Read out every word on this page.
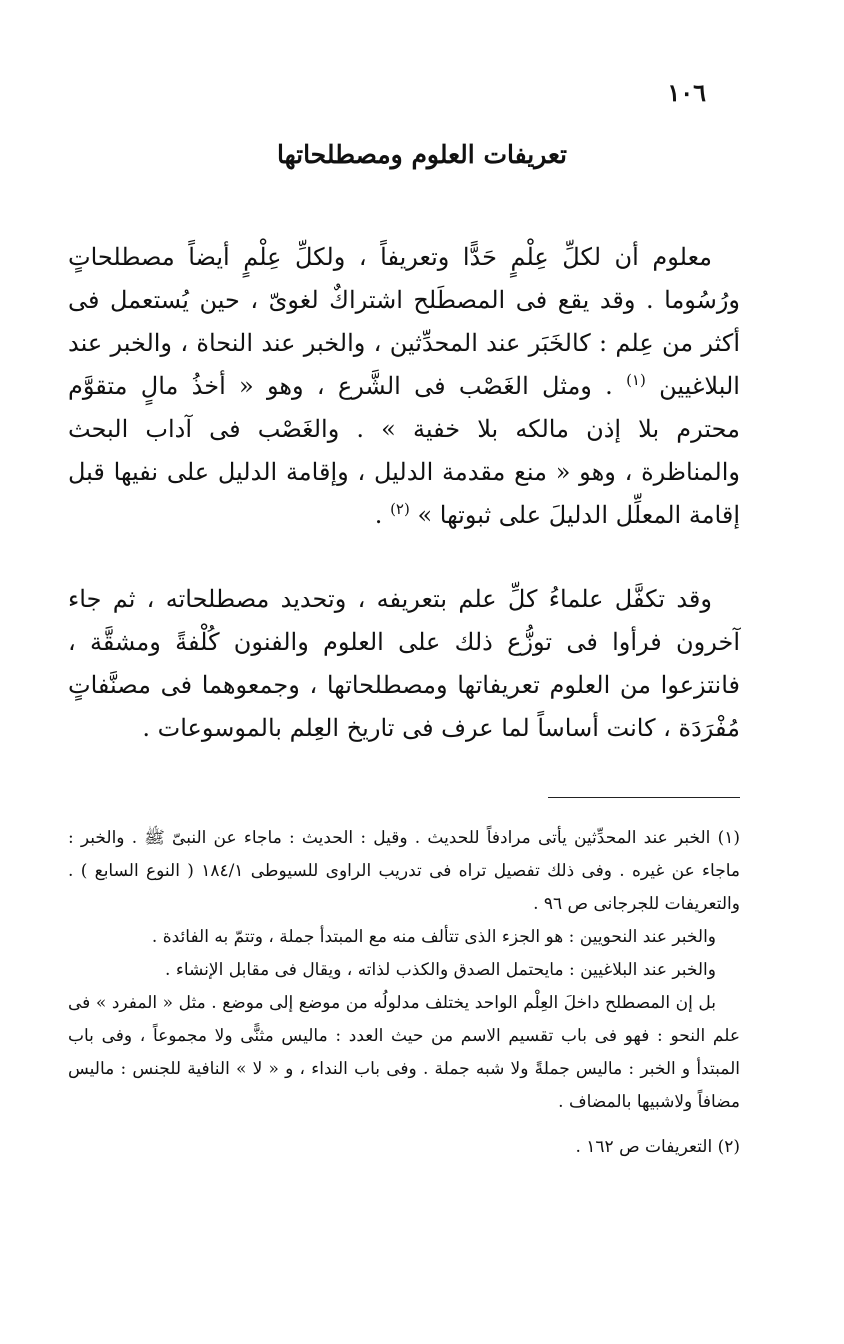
١٠٦
تعريفات العلوم ومصطلحاتها

معلوم أن لكلِّ عِلْمٍ حَدًّا وتعريفاً ، ولكلِّ عِلْمٍ أيضاً مصطلحاتٍ ورُسُوما . وقد يقع فى المصطَلح اشتراكٌ لغوىّ ، حين يُستعمل فى أكثر من عِلم : كالخَبَر عند المحدِّثين ، والخبر عند النحاة ، والخبر عند البلاغيين $^{(١)}$ . ومثل الغَصْب فى الشَّرع ، وهو « أخذُ مالٍ متقوَّم محترم بلا إذن مالكه بلا خفية » . والغَصْب فى آداب البحث والمناظرة ، وهو « منع مقدمة الدليل ، وإقامة الدليل على نفيها قبل إقامة المعلِّل الدليلَ على ثبوتها » $^{(٢)}$ .

وقد تكفَّل علماءُ كلِّ علم بتعريفه ، وتحديد مصطلحاته ، ثم جاء آخرون فرأوا فى توزُّع ذلك على العلوم والفنون كُلْفةً ومشقَّة ، فانتزعوا من العلوم تعريفاتها ومصطلحاتها ، وجمعوهما فى مصنَّفاتٍ مُفْرَدَة ، كانت أساساً لما عرف فى تاريخ العِلم بالموسوعات .

(١) الخبر عند المحدِّثين يأتى مرادفاً للحديث . وقيل : الحديث : ماجاء عن النبىّ ﷺ . والخبر : ماجاء عن غيره . وفى ذلك تفصيل تراه فى تدريب الراوى للسيوطى ١٨٤/١ ( النوع السابع ) . والتعريفات للجرجانى ص ٩٦ .

والخبر عند النحويين : هو الجزء الذى تتألف منه مع المبتدأ جملة ، وتتمّ به الفائدة .

والخبر عند البلاغيين : مايحتمل الصدق والكذب لذاته ، ويقال فى مقابل الإنشاء .

بل إن المصطلح داخلَ العِلْم الواحد يختلف مدلولُه من موضع إلى موضع . مثل « المفرد » فى علم النحو : فهو فى باب تقسيم الاسم من حيث العدد : ماليس مثنًّى ولا مجموعاً ، وفى باب المبتدأ و الخبر : ماليس جملةً ولا شبه جملة . وفى باب النداء ، و « لا » النافية للجنس : ماليس مضافاً ولاشبيها بالمضاف .

(٢) التعريفات ص ١٦٢ .
